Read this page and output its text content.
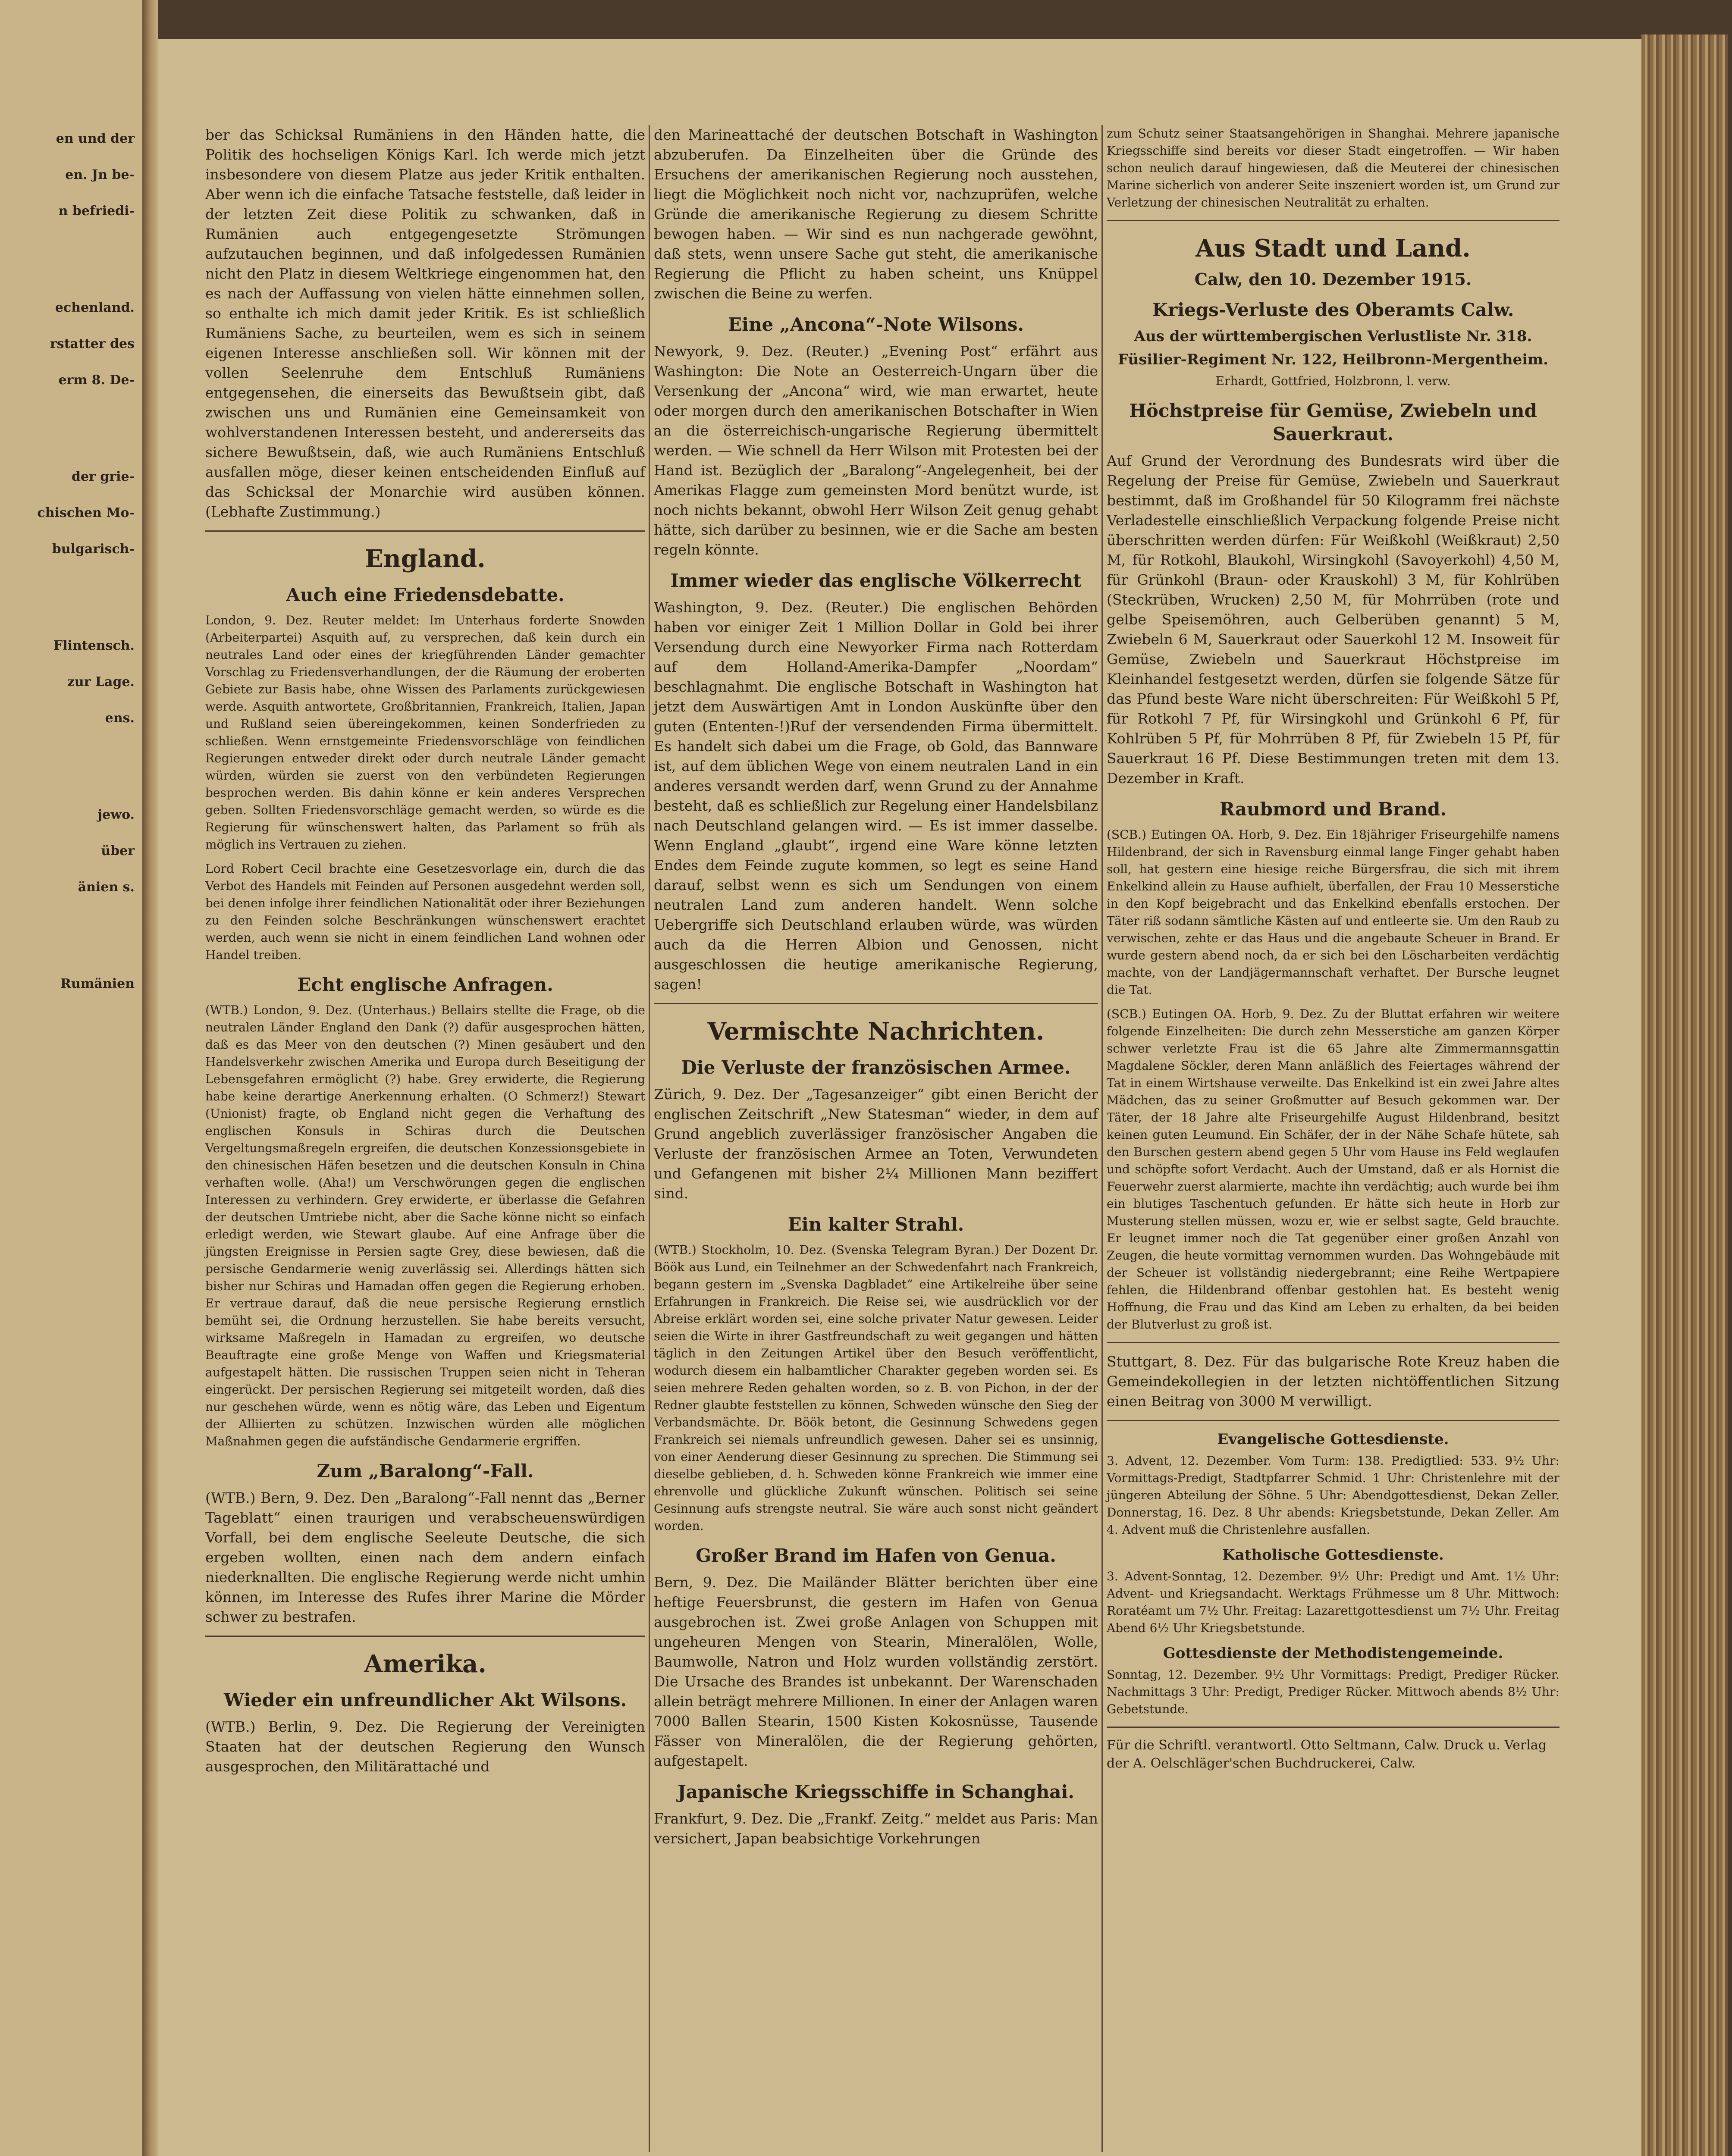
en und der

en. Jn be-

n befriedi-

echenland.

rstatter des

erm 8. De-

der grie-

chischen Mo-

bulgarisch-

Flintensch.

zur Lage.

ens.

jewo.

über

änien s.

Rumänien

ber das Schicksal Rumäniens in den Händen hatte, die Politik des hochseligen Königs Karl. Ich werde mich jetzt insbesondere von diesem Platze aus jeder Kritik enthalten. Aber wenn ich die einfache Tatsache feststelle, daß leider in der letzten Zeit diese Politik zu schwanken, daß in Rumänien auch entgegengesetzte Strömungen aufzutauchen beginnen, und daß infolgedessen Rumänien nicht den Platz in diesem Weltkriege eingenommen hat, den es nach der Auffassung von vielen hätte einnehmen sollen, so enthalte ich mich damit jeder Kritik. Es ist schließlich Rumäniens Sache, zu beurteilen, wem es sich in seinem eigenen Interesse anschließen soll. Wir können mit der vollen Seelenruhe dem Entschluß Rumäniens entgegensehen, die einerseits das Bewußtsein gibt, daß zwischen uns und Rumänien eine Gemeinsamkeit von wohlverstandenen Interessen besteht, und andererseits das sichere Bewußtsein, daß, wie auch Rumäniens Entschluß ausfallen möge, dieser keinen entscheidenden Einfluß auf das Schicksal der Monarchie wird ausüben können. (Lebhafte Zustimmung.)

England.
Auch eine Friedensdebatte.

London, 9. Dez. Reuter meldet: Im Unterhaus forderte Snowden (Arbeiterpartei) Asquith auf, zu versprechen, daß kein durch ein neutrales Land oder eines der kriegführenden Länder gemachter Vorschlag zu Friedensverhandlungen, der die Räumung der eroberten Gebiete zur Basis habe, ohne Wissen des Parlaments zurückgewiesen werde. Asquith antwortete, Großbritannien, Frankreich, Italien, Japan und Rußland seien übereingekommen, keinen Sonderfrieden zu schließen. Wenn ernstgemeinte Friedensvorschläge von feindlichen Regierungen entweder direkt oder durch neutrale Länder gemacht würden, würden sie zuerst von den verbündeten Regierungen besprochen werden. Bis dahin könne er kein anderes Versprechen geben. Sollten Friedensvorschläge gemacht werden, so würde es die Regierung für wünschenswert halten, das Parlament so früh als möglich ins Vertrauen zu ziehen.

Lord Robert Cecil brachte eine Gesetzesvorlage ein, durch die das Verbot des Handels mit Feinden auf Personen ausgedehnt werden soll, bei denen infolge ihrer feindlichen Nationalität oder ihrer Beziehungen zu den Feinden solche Beschränkungen wünschenswert erachtet werden, auch wenn sie nicht in einem feindlichen Land wohnen oder Handel treiben.

Echt englische Anfragen.

(WTB.) London, 9. Dez. (Unterhaus.) Bellairs stellte die Frage, ob die neutralen Länder England den Dank (?) dafür ausgesprochen hätten, daß es das Meer von den deutschen (?) Minen gesäubert und den Handelsverkehr zwischen Amerika und Europa durch Beseitigung der Lebensgefahren ermöglicht (?) habe. Grey erwiderte, die Regierung habe keine derartige Anerkennung erhalten. (O Schmerz!) Stewart (Unionist) fragte, ob England nicht gegen die Verhaftung des englischen Konsuls in Schiras durch die Deutschen Vergeltungsmaßregeln ergreifen, die deutschen Konzessionsgebiete in den chinesischen Häfen besetzen und die deutschen Konsuln in China verhaften wolle. (Aha!) um Verschwörungen gegen die englischen Interessen zu verhindern. Grey erwiderte, er überlasse die Gefahren der deutschen Umtriebe nicht, aber die Sache könne nicht so einfach erledigt werden, wie Stewart glaube. Auf eine Anfrage über die jüngsten Ereignisse in Persien sagte Grey, diese bewiesen, daß die persische Gendarmerie wenig zuverlässig sei. Allerdings hätten sich bisher nur Schiras und Hamadan offen gegen die Regierung erhoben. Er vertraue darauf, daß die neue persische Regierung ernstlich bemüht sei, die Ordnung herzustellen. Sie habe bereits versucht, wirksame Maßregeln in Hamadan zu ergreifen, wo deutsche Beauftragte eine große Menge von Waffen und Kriegsmaterial aufgestapelt hätten. Die russischen Truppen seien nicht in Teheran eingerückt. Der persischen Regierung sei mitgeteilt worden, daß dies nur geschehen würde, wenn es nötig wäre, das Leben und Eigentum der Alliierten zu schützen. Inzwischen würden alle möglichen Maßnahmen gegen die aufständische Gendarmerie ergriffen.

Zum „Baralong“-Fall.

(WTB.) Bern, 9. Dez. Den „Baralong“-Fall nennt das „Berner Tageblatt“ einen traurigen und verabscheuenswürdigen Vorfall, bei dem englische Seeleute Deutsche, die sich ergeben wollten, einen nach dem andern einfach niederknallten. Die englische Regierung werde nicht umhin können, im Interesse des Rufes ihrer Marine die Mörder schwer zu bestrafen.

Amerika.
Wieder ein unfreundlicher Akt Wilsons.

(WTB.) Berlin, 9. Dez. Die Regierung der Vereinigten Staaten hat der deutschen Regierung den Wunsch ausgesprochen, den Militärattaché und

den Marineattaché der deutschen Botschaft in Washington abzuberufen. Da Einzelheiten über die Gründe des Ersuchens der amerikanischen Regierung noch ausstehen, liegt die Möglichkeit noch nicht vor, nachzuprüfen, welche Gründe die amerikanische Regierung zu diesem Schritte bewogen haben. — Wir sind es nun nachgerade gewöhnt, daß stets, wenn unsere Sache gut steht, die amerikanische Regierung die Pflicht zu haben scheint, uns Knüppel zwischen die Beine zu werfen.

Eine „Ancona“-Note Wilsons.

Newyork, 9. Dez. (Reuter.) „Evening Post“ erfährt aus Washington: Die Note an Oesterreich-Ungarn über die Versenkung der „Ancona“ wird, wie man erwartet, heute oder morgen durch den amerikanischen Botschafter in Wien an die österreichisch-ungarische Regierung übermittelt werden. — Wie schnell da Herr Wilson mit Protesten bei der Hand ist. Bezüglich der „Baralong“-Angelegenheit, bei der Amerikas Flagge zum gemeinsten Mord benützt wurde, ist noch nichts bekannt, obwohl Herr Wilson Zeit genug gehabt hätte, sich darüber zu besinnen, wie er die Sache am besten regeln könnte.

Immer wieder das englische Völkerrecht

Washington, 9. Dez. (Reuter.) Die englischen Behörden haben vor einiger Zeit 1 Million Dollar in Gold bei ihrer Versendung durch eine Newyorker Firma nach Rotterdam auf dem Holland-Amerika-Dampfer „Noordam“ beschlagnahmt. Die englische Botschaft in Washington hat jetzt dem Auswärtigen Amt in London Auskünfte über den guten (Ententen-!)Ruf der versendenden Firma übermittelt. Es handelt sich dabei um die Frage, ob Gold, das Bannware ist, auf dem üblichen Wege von einem neutralen Land in ein anderes versandt werden darf, wenn Grund zu der Annahme besteht, daß es schließlich zur Regelung einer Handelsbilanz nach Deutschland gelangen wird. — Es ist immer dasselbe. Wenn England „glaubt“, irgend eine Ware könne letzten Endes dem Feinde zugute kommen, so legt es seine Hand darauf, selbst wenn es sich um Sendungen von einem neutralen Land zum anderen handelt. Wenn solche Uebergriffe sich Deutschland erlauben würde, was würden auch da die Herren Albion und Genossen, nicht ausgeschlossen die heutige amerikanische Regierung, sagen!

Vermischte Nachrichten.
Die Verluste der französischen Armee.

Zürich, 9. Dez. Der „Tagesanzeiger“ gibt einen Bericht der englischen Zeitschrift „New Statesman“ wieder, in dem auf Grund angeblich zuverlässiger französischer Angaben die Verluste der französischen Armee an Toten, Verwundeten und Gefangenen mit bisher 2¼ Millionen Mann beziffert sind.

Ein kalter Strahl.

(WTB.) Stockholm, 10. Dez. (Svenska Telegram Byran.) Der Dozent Dr. Böök aus Lund, ein Teilnehmer an der Schwedenfahrt nach Frankreich, begann gestern im „Svenska Dagbladet“ eine Artikelreihe über seine Erfahrungen in Frankreich. Die Reise sei, wie ausdrücklich vor der Abreise erklärt worden sei, eine solche privater Natur gewesen. Leider seien die Wirte in ihrer Gastfreundschaft zu weit gegangen und hätten täglich in den Zeitungen Artikel über den Besuch veröffentlicht, wodurch diesem ein halbamtlicher Charakter gegeben worden sei. Es seien mehrere Reden gehalten worden, so z. B. von Pichon, in der der Redner glaubte feststellen zu können, Schweden wünsche den Sieg der Verbandsmächte. Dr. Böök betont, die Gesinnung Schwedens gegen Frankreich sei niemals unfreundlich gewesen. Daher sei es unsinnig, von einer Aenderung dieser Gesinnung zu sprechen. Die Stimmung sei dieselbe geblieben, d. h. Schweden könne Frankreich wie immer eine ehrenvolle und glückliche Zukunft wünschen. Politisch sei seine Gesinnung aufs strengste neutral. Sie wäre auch sonst nicht geändert worden.

Großer Brand im Hafen von Genua.

Bern, 9. Dez. Die Mailänder Blätter berichten über eine heftige Feuersbrunst, die gestern im Hafen von Genua ausgebrochen ist. Zwei große Anlagen von Schuppen mit ungeheuren Mengen von Stearin, Mineralölen, Wolle, Baumwolle, Natron und Holz wurden vollständig zerstört. Die Ursache des Brandes ist unbekannt. Der Warenschaden allein beträgt mehrere Millionen. In einer der Anlagen waren 7000 Ballen Stearin, 1500 Kisten Kokosnüsse, Tausende Fässer von Mineralölen, die der Regierung gehörten, aufgestapelt.

Japanische Kriegsschiffe in Schanghai.

Frankfurt, 9. Dez. Die „Frankf. Zeitg.“ meldet aus Paris: Man versichert, Japan beabsichtige Vorkehrungen

zum Schutz seiner Staatsangehörigen in Shanghai. Mehrere japanische Kriegsschiffe sind bereits vor dieser Stadt eingetroffen. — Wir haben schon neulich darauf hingewiesen, daß die Meuterei der chinesischen Marine sicherlich von anderer Seite inszeniert worden ist, um Grund zur Verletzung der chinesischen Neutralität zu erhalten.

Aus Stadt und Land.
Calw, den 10. Dezember 1915.
Kriegs-Verluste des Oberamts Calw.
Aus der württembergischen Verlustliste Nr. 318.
Füsilier-Regiment Nr. 122, Heilbronn-Mergentheim.

Erhardt, Gottfried, Holzbronn, l. verw.

Höchstpreise für Gemüse, Zwiebeln und Sauerkraut.

Auf Grund der Verordnung des Bundesrats wird über die Regelung der Preise für Gemüse, Zwiebeln und Sauerkraut bestimmt, daß im Großhandel für 50 Kilogramm frei nächste Verladestelle einschließlich Verpackung folgende Preise nicht überschritten werden dürfen: Für Weißkohl (Weißkraut) 2,50 M, für Rotkohl, Blaukohl, Wirsingkohl (Savoyerkohl) 4,50 M, für Grünkohl (Braun- oder Krauskohl) 3 M, für Kohlrüben (Steckrüben, Wrucken) 2,50 M, für Mohrrüben (rote und gelbe Speisemöhren, auch Gelberüben genannt) 5 M, Zwiebeln 6 M, Sauerkraut oder Sauerkohl 12 M. Insoweit für Gemüse, Zwiebeln und Sauerkraut Höchstpreise im Kleinhandel festgesetzt werden, dürfen sie folgende Sätze für das Pfund beste Ware nicht überschreiten: Für Weißkohl 5 Pf, für Rotkohl 7 Pf, für Wirsingkohl und Grünkohl 6 Pf, für Kohlrüben 5 Pf, für Mohrrüben 8 Pf, für Zwiebeln 15 Pf, für Sauerkraut 16 Pf. Diese Bestimmungen treten mit dem 13. Dezember in Kraft.

Raubmord und Brand.

(SCB.) Eutingen OA. Horb, 9. Dez. Ein 18jähriger Friseurgehilfe namens Hildenbrand, der sich in Ravensburg einmal lange Finger gehabt haben soll, hat gestern eine hiesige reiche Bürgersfrau, die sich mit ihrem Enkelkind allein zu Hause aufhielt, überfallen, der Frau 10 Messerstiche in den Kopf beigebracht und das Enkelkind ebenfalls erstochen. Der Täter riß sodann sämtliche Kästen auf und entleerte sie. Um den Raub zu verwischen, zehte er das Haus und die angebaute Scheuer in Brand. Er wurde gestern abend noch, da er sich bei den Löscharbeiten verdächtig machte, von der Landjägermannschaft verhaftet. Der Bursche leugnet die Tat.

(SCB.) Eutingen OA. Horb, 9. Dez. Zu der Bluttat erfahren wir weitere folgende Einzelheiten: Die durch zehn Messerstiche am ganzen Körper schwer verletzte Frau ist die 65 Jahre alte Zimmermannsgattin Magdalene Söckler, deren Mann anläßlich des Feiertages während der Tat in einem Wirtshause verweilte. Das Enkelkind ist ein zwei Jahre altes Mädchen, das zu seiner Großmutter auf Besuch gekommen war. Der Täter, der 18 Jahre alte Friseurgehilfe August Hildenbrand, besitzt keinen guten Leumund. Ein Schäfer, der in der Nähe Schafe hütete, sah den Burschen gestern abend gegen 5 Uhr vom Hause ins Feld weglaufen und schöpfte sofort Verdacht. Auch der Umstand, daß er als Hornist die Feuerwehr zuerst alarmierte, machte ihn verdächtig; auch wurde bei ihm ein blutiges Taschentuch gefunden. Er hätte sich heute in Horb zur Musterung stellen müssen, wozu er, wie er selbst sagte, Geld brauchte. Er leugnet immer noch die Tat gegenüber einer großen Anzahl von Zeugen, die heute vormittag vernommen wurden. Das Wohngebäude mit der Scheuer ist vollständig niedergebrannt; eine Reihe Wertpapiere fehlen, die Hildenbrand offenbar gestohlen hat. Es besteht wenig Hoffnung, die Frau und das Kind am Leben zu erhalten, da bei beiden der Blutverlust zu groß ist.

Stuttgart, 8. Dez. Für das bulgarische Rote Kreuz haben die Gemeindekollegien in der letzten nichtöffentlichen Sitzung einen Beitrag von 3000 M verwilligt.

Evangelische Gottesdienste.

3. Advent, 12. Dezember. Vom Turm: 138. Predigtlied: 533. 9½ Uhr: Vormittags-Predigt, Stadtpfarrer Schmid. 1 Uhr: Christenlehre mit der jüngeren Abteilung der Söhne. 5 Uhr: Abendgottesdienst, Dekan Zeller. Donnerstag, 16. Dez. 8 Uhr abends: Kriegsbetstunde, Dekan Zeller. Am 4. Advent muß die Christenlehre ausfallen.

Katholische Gottesdienste.

3. Advent-Sonntag, 12. Dezember. 9½ Uhr: Predigt und Amt. 1½ Uhr: Advent- und Kriegsandacht. Werktags Frühmesse um 8 Uhr. Mittwoch: Roratéamt um 7½ Uhr. Freitag: Lazarettgottesdienst um 7½ Uhr. Freitag Abend 6½ Uhr Kriegsbetstunde.

Gottesdienste der Methodistengemeinde.

Sonntag, 12. Dezember. 9½ Uhr Vormittags: Predigt, Prediger Rücker. Nachmittags 3 Uhr: Predigt, Prediger Rücker. Mittwoch abends 8½ Uhr: Gebetstunde.

Für die Schriftl. verantwortl. Otto Seltmann, Calw. Druck u. Verlag der A. Oelschläger'schen Buchdruckerei, Calw.
